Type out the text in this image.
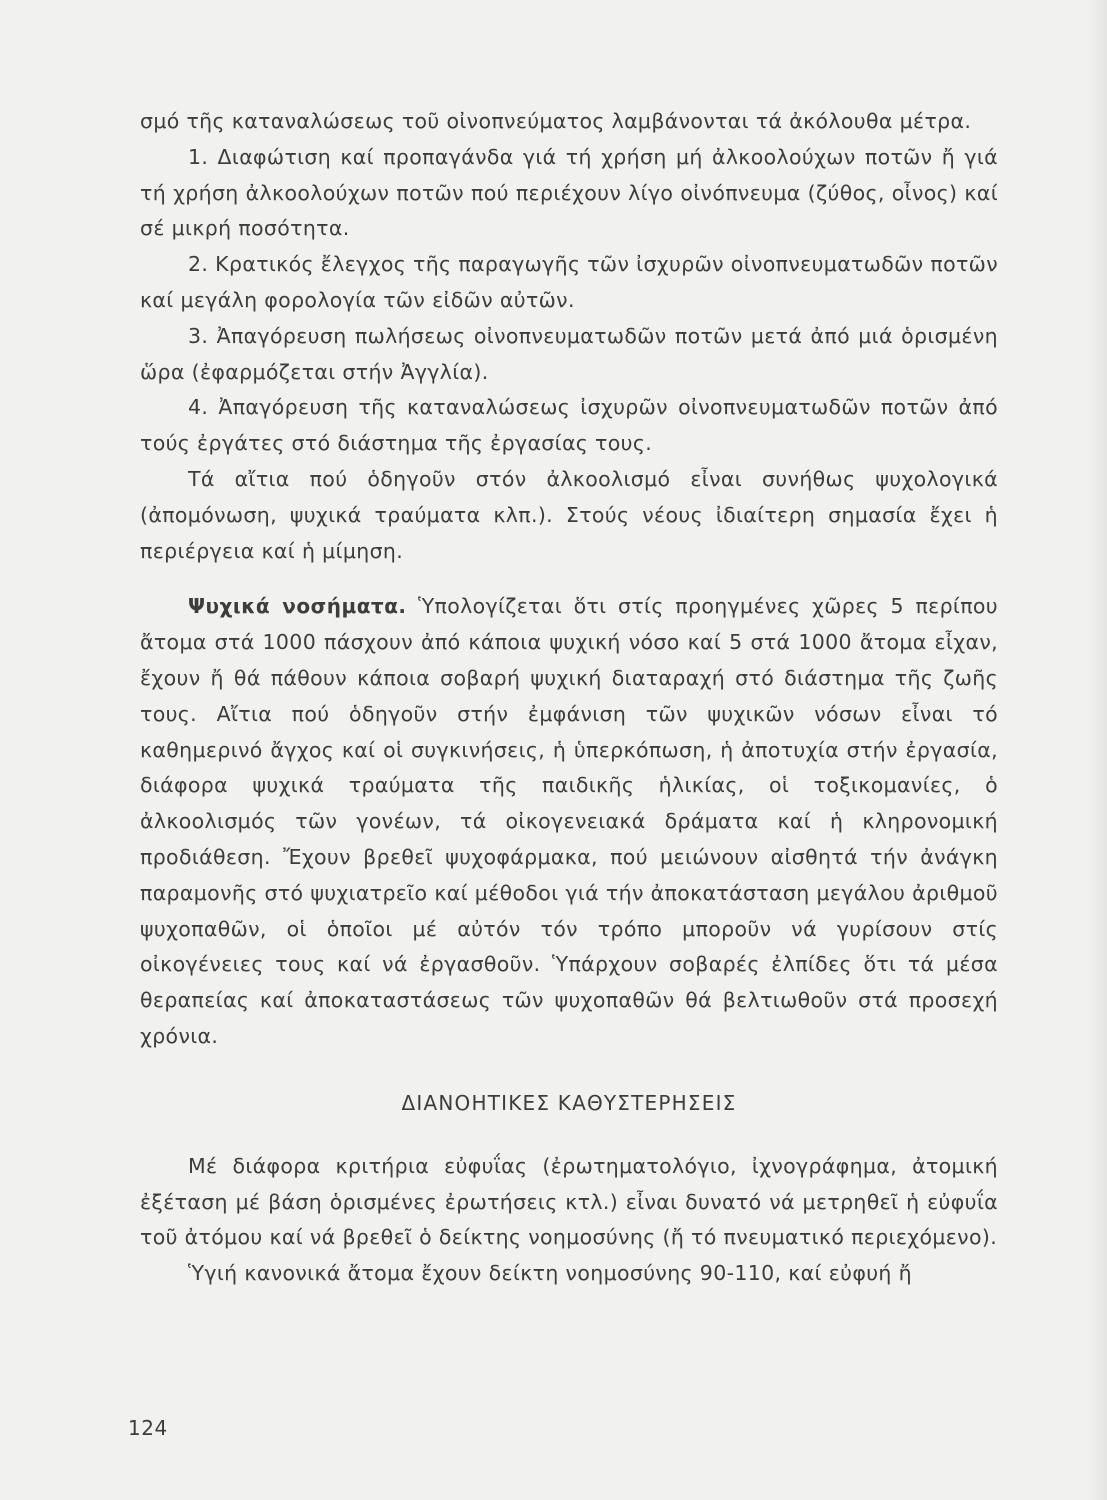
σμό τῆς καταναλώσεως τοῦ οἰνοπνεύματος λαμβάνονται τά ἀκόλουθα μέτρα.

1. Διαφώτιση καί προπαγάνδα γιά τή χρήση μή ἀλκοολούχων ποτῶν ἤ γιά τή χρήση ἀλκοολούχων ποτῶν πού περιέχουν λίγο οἰνόπνευμα (ζύθος, οἶνος) καί σέ μικρή ποσότητα.

2. Κρατικός ἔλεγχος τῆς παραγωγῆς τῶν ἰσχυρῶν οἰνοπνευματωδῶν ποτῶν καί μεγάλη φορολογία τῶν εἰδῶν αὐτῶν.

3. Ἀπαγόρευση πωλήσεως οἰνοπνευματωδῶν ποτῶν μετά ἀπό μιά ὁρισμένη ὥρα (ἐφαρμόζεται στήν Ἀγγλία).

4. Ἀπαγόρευση τῆς καταναλώσεως ἰσχυρῶν οἰνοπνευματωδῶν ποτῶν ἀπό τούς ἐργάτες στό διάστημα τῆς ἐργασίας τους.

Τά αἴτια πού ὁδηγοῦν στόν ἀλκοολισμό εἶναι συνήθως ψυχολογικά (ἀπομόνωση, ψυχικά τραύματα κλπ.). Στούς νέους ἰδιαίτερη σημασία ἔχει ἡ περιέργεια καί ἡ μίμηση.

Ψυχικά νοσήματα. Ὑπολογίζεται ὅτι στίς προηγμένες χῶρες 5 περίπου ἄτομα στά 1000 πάσχουν ἀπό κάποια ψυχική νόσο καί 5 στά 1000 ἄτομα εἶχαν, ἔχουν ἤ θά πάθουν κάποια σοβαρή ψυχική διαταραχή στό διάστημα τῆς ζωῆς τους. Αἴτια πού ὁδηγοῦν στήν ἐμφάνιση τῶν ψυχικῶν νόσων εἶναι τό καθημερινό ἄγχος καί οἱ συγκινήσεις, ἡ ὑπερκόπωση, ἡ ἀποτυχία στήν ἐργασία, διάφορα ψυχικά τραύματα τῆς παιδικῆς ἡλικίας, οἱ τοξικομανίες, ὁ ἀλκοολισμός τῶν γονέων, τά οἰκογενειακά δράματα καί ἡ κληρονομική προδιάθεση. Ἔχουν βρεθεῖ ψυχοφάρμακα, πού μειώνουν αἰσθητά τήν ἀνάγκη παραμονῆς στό ψυχιατρεῖο καί μέθοδοι γιά τήν ἀποκατάσταση μεγάλου ἀριθμοῦ ψυχοπαθῶν, οἱ ὁποῖοι μέ αὐτόν τόν τρόπο μποροῦν νά γυρίσουν στίς οἰκογένειες τους καί νά ἐργασθοῦν. Ὑπάρχουν σοβαρές ἐλπίδες ὅτι τά μέσα θεραπείας καί ἀποκαταστάσεως τῶν ψυχοπαθῶν θά βελτιωθοῦν στά προσεχή χρόνια.

ΔΙΑΝΟΗΤΙΚΕΣ ΚΑΘΥΣΤΕΡΗΣΕΙΣ

Μέ διάφορα κριτήρια εὐφυΐας (ἐρωτηματολόγιο, ἰχνογράφημα, ἀτομική ἐξέταση μέ βάση ὁρισμένες ἐρωτήσεις κτλ.) εἶναι δυνατό νά μετρηθεῖ ἡ εὐφυΐα τοῦ ἀτόμου καί νά βρεθεῖ ὁ δείκτης νοημοσύνης (ἤ τό πνευματικό περιεχόμενο).

Ὑγιή κανονικά ἄτομα ἔχουν δείκτη νοημοσύνης 90-110, καί εὐφυή ἤ

124
